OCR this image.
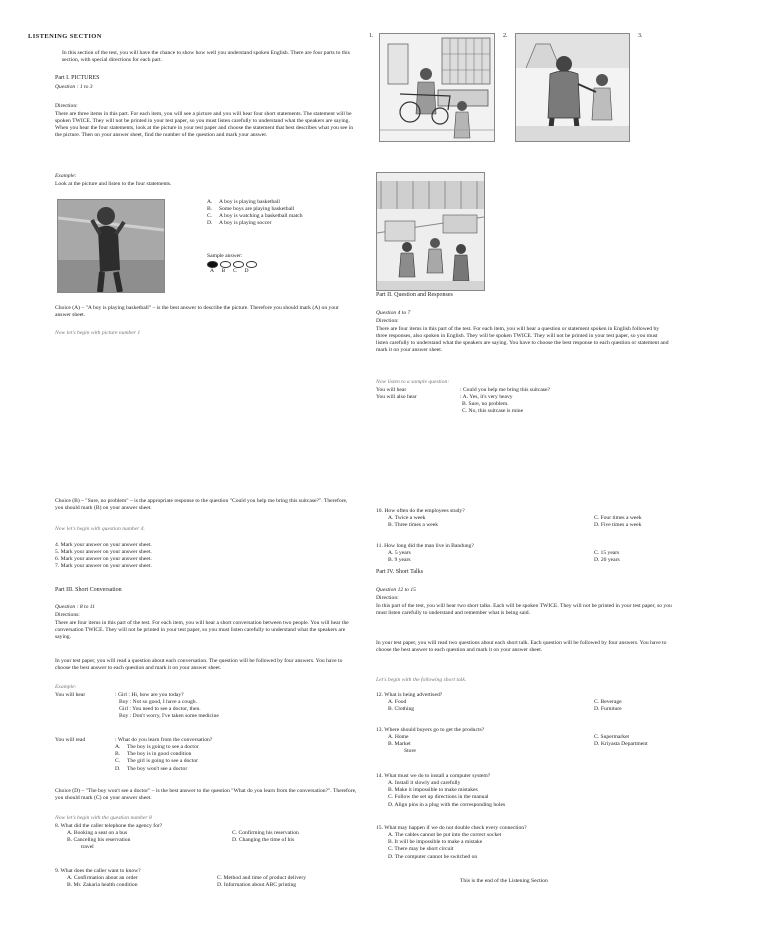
LISTENING SECTION

In this section of the test, you will have the chance to show how well you understand spoken English. There are four parts to this section, with special directions for each part.

Part I. PICTURES
Question : 1 to 3
Direction:

There are three items in this part. For each item, you will see a picture and you will hear four short statements. The statement will be spoken TWICE. They will not be printed in your test paper, so you must listen carefully to understand what the speakers are saying. When you hear the four statements, look at the picture in your test paper and choose the statement that best describes what you see in the picture. Then on your answer sheet, find the number of the question and mark your answer.

Example:
Look at the picture and listen to the four statements.
A.	A boy is playing basketball
B.	Some boys are playing basketball
C.	A boy is watching a basketball match
D.	A boy is playing soccer
Sample answer:
A B C D

Choice (A) – "A boy is playing basketball" – is the best answer to describe the picture. Therefore you should mark (A) on your answer sheet.

Now let's begin with picture number 1
1.	2.	3.
Part II. Question and Responses
Question 4 to 7
Direction:

There are four items in this part of the test. For each item, you will hear a question or statement spoken in English followed by three responses, also spoken in English. They will be spoken TWICE. They will not be printed in your test paper, so you must listen carefully to understand what the speakers are saying. You have to choose the best response to each question or statement and mark it on your answer sheet.

Now listen to a sample question:
You will hear	: Could you help me bring this suitcase?
You will also hear	: A. Yes, it's very heavy
B. Sure, no problem.
C. No, this suitcase is mine

Choice (B) – "Sure, no problem" – is the appropriate response to the question "Could you help me bring this suitcase?". Therefore, you should mark (B) on your answer sheet.

Now let's begin with question number 4.
4. Mark your answer on your answer sheet.
5. Mark your answer on your answer sheet.
6. Mark your answer on your answer sheet.
7. Mark your answer on your answer sheet.
Part III. Short Conversation
Question : 8 to 11
Directions:

There are four items in this part of the test. For each item, you will hear a short conversation between two people. You will hear the conversation TWICE. They will not be printed in your test paper, so you must listen carefully to understand what the speakers are saying.

In your test paper, you will read a question about each conversation. The question will be followed by four answers. You have to choose the best answer to each question and mark it on your answer sheet.

Example:
You will hear	: Girl : Hi, how are you today?
Boy : Not so good, I have a cough.
Girl : You need to see a doctor, then.
Boy : Don't worry, I've taken some medicine
You will read	: What do you learn from the conversation?
A.	The boy is going to see a doctor
B.	The boy is in good condition
C.	The girl is going to see a doctor
D.	The boy won't see a doctor

Choice (D) – "The boy won't see a doctor" – is the best answer to the question "What do you learn from the conversation?". Therefore, you should mark (C) on your answer sheet.

Now let's begin with the question number 8
8. What did the caller telephone the agency for?
A. Booking a seat on a bus	C. Confirming his reservation
B. Canceling his reservation	D. Changing the time of his
travel
9. What does the caller want to know?
A. Confirmation about an order	C. Method and time of product delivery
B. Mr. Zakaria health condition	D. Information about ABC printing
10. How often do the employees study?
A. Twice a week	C. Four times a week
B. Three times a week	D. Five times a week
11. How long did the man live in Bandung?
A. 5 years	C. 15 years
B. 9 years	D. 20 years
Part IV. Short Talks
Question 12 to 15
Direction:

In this part of the test, you will hear two short talks. Each will be spoken TWICE. They will not be printed in your test paper, so you must listen carefully to understand and remember what is being said.

In your test paper, you will read two questions about each short talk. Each question will be followed by four answers. You have to choose the best answer to each question and mark it on your answer sheet.

Let's begin with the following short talk.
12. What is being advertised?
A. Food	C. Beverage
B. Clothing	D. Furniture
13. Where should buyers go to get the products?
A. Home	C. Supermarket
B. Market	D. Kriyasta Department
Store
14. What must we do to install a computer system?
A. Install it slowly and carefully
B. Make it impossible to make mistakes
C. Follow the set up directions in the manual
D. Align pins in a plug with the corresponding holes
15. What may happen if we do not double check every connection?
A. The cables cannot be put into the correct socket
B. It will be impossible to make a mistake
C. There may be short circuit
D. The computer cannot be switched on
This is the end of the Listening Section
